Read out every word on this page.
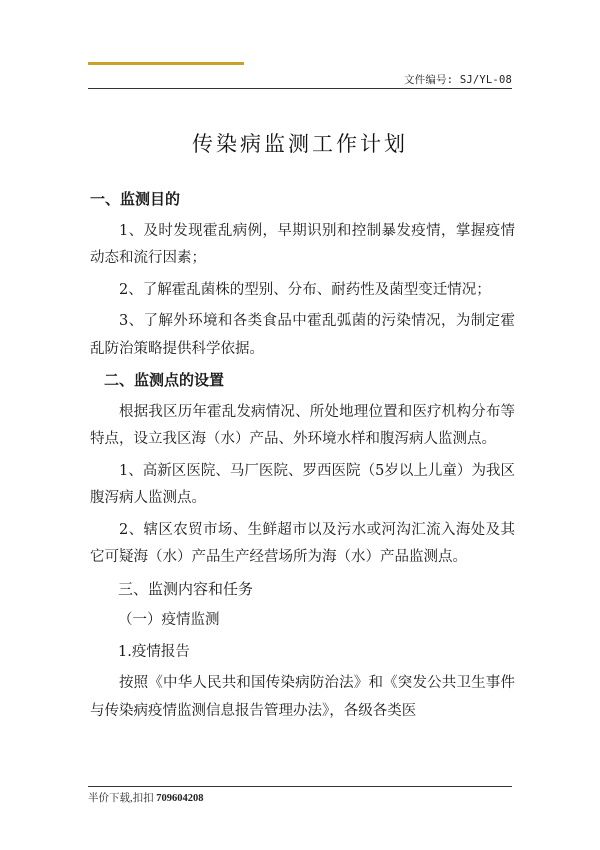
文件编号: SJ/YL-08
传染病监测工作计划
一、监测目的

1、及时发现霍乱病例，早期识别和控制暴发疫情，掌握疫情动态和流行因素；

2、了解霍乱菌株的型别、分布、耐药性及菌型变迁情况；

3、了解外环境和各类食品中霍乱弧菌的污染情况，为制定霍乱防治策略提供科学依据。

二、监测点的设置

根据我区历年霍乱发病情况、所处地理位置和医疗机构分布等特点，设立我区海（水）产品、外环境水样和腹泻病人监测点。

1、高新区医院、马厂医院、罗西医院（5岁以上儿童）为我区腹泻病人监测点。

2、辖区农贸市场、生鲜超市以及污水或河沟汇流入海处及其它可疑海（水）产品生产经营场所为海（水）产品监测点。

三、监测内容和任务

（一）疫情监测

1.疫情报告

按照《中华人民共和国传染病防治法》和《突发公共卫生事件与传染病疫情监测信息报告管理办法》，各级各类医

半价下载,扣扣 709604208
